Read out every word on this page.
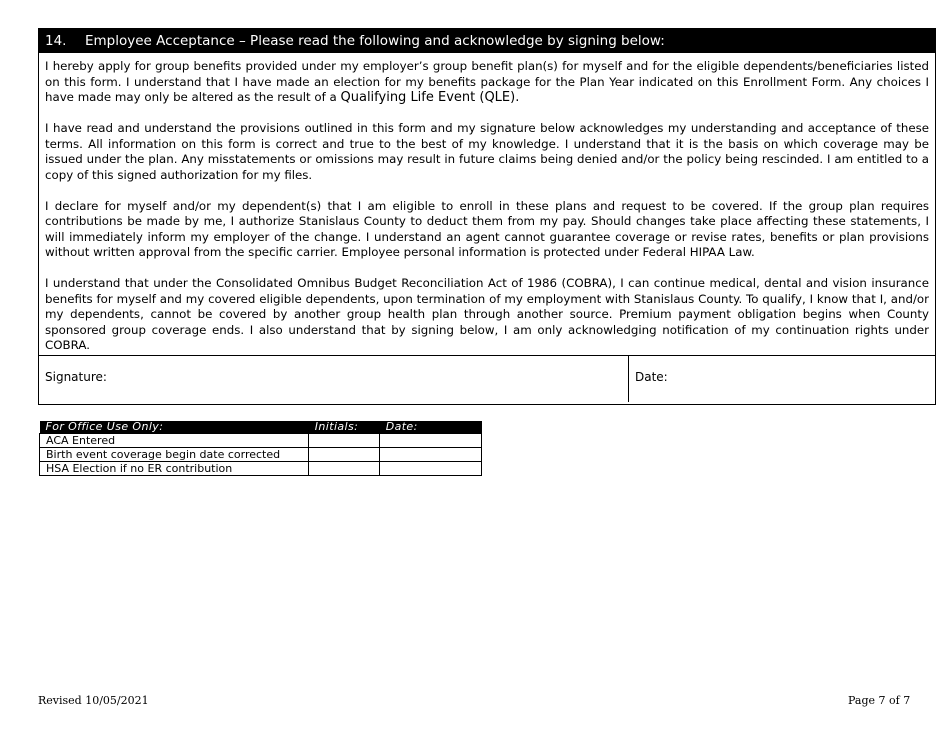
14. Employee Acceptance – Please read the following and acknowledge by signing below:

I hereby apply for group benefits provided under my employer’s group benefit plan(s) for myself and for the eligible dependents/beneficiaries listed on this form. I understand that I have made an election for my benefits package for the Plan Year indicated on this Enrollment Form. Any choices I have made may only be altered as the result of a Qualifying Life Event (QLE).

I have read and understand the provisions outlined in this form and my signature below acknowledges my understanding and acceptance of these terms. All information on this form is correct and true to the best of my knowledge. I understand that it is the basis on which coverage may be issued under the plan. Any misstatements or omissions may result in future claims being denied and/or the policy being rescinded. I am entitled to a copy of this signed authorization for my files.

I declare for myself and/or my dependent(s) that I am eligible to enroll in these plans and request to be covered. If the group plan requires contributions be made by me, I authorize Stanislaus County to deduct them from my pay. Should changes take place affecting these statements, I will immediately inform my employer of the change. I understand an agent cannot guarantee coverage or revise rates, benefits or plan provisions without written approval from the specific carrier. Employee personal information is protected under Federal HIPAA Law.

I understand that under the Consolidated Omnibus Budget Reconciliation Act of 1986 (COBRA), I can continue medical, dental and vision insurance benefits for myself and my covered eligible dependents, upon termination of my employment with Stanislaus County. To qualify, I know that I, and/or my dependents, cannot be covered by another group health plan through another source. Premium payment obligation begins when County sponsored group coverage ends. I also understand that by signing below, I am only acknowledging notification of my continuation rights under COBRA.

Signature:	Date:
For Office Use Only:	Initials:	Date:
ACA Entered		
Birth event coverage begin date corrected		
HSA Election if no ER contribution		
Revised 10/05/2021	Page 7 of 7
